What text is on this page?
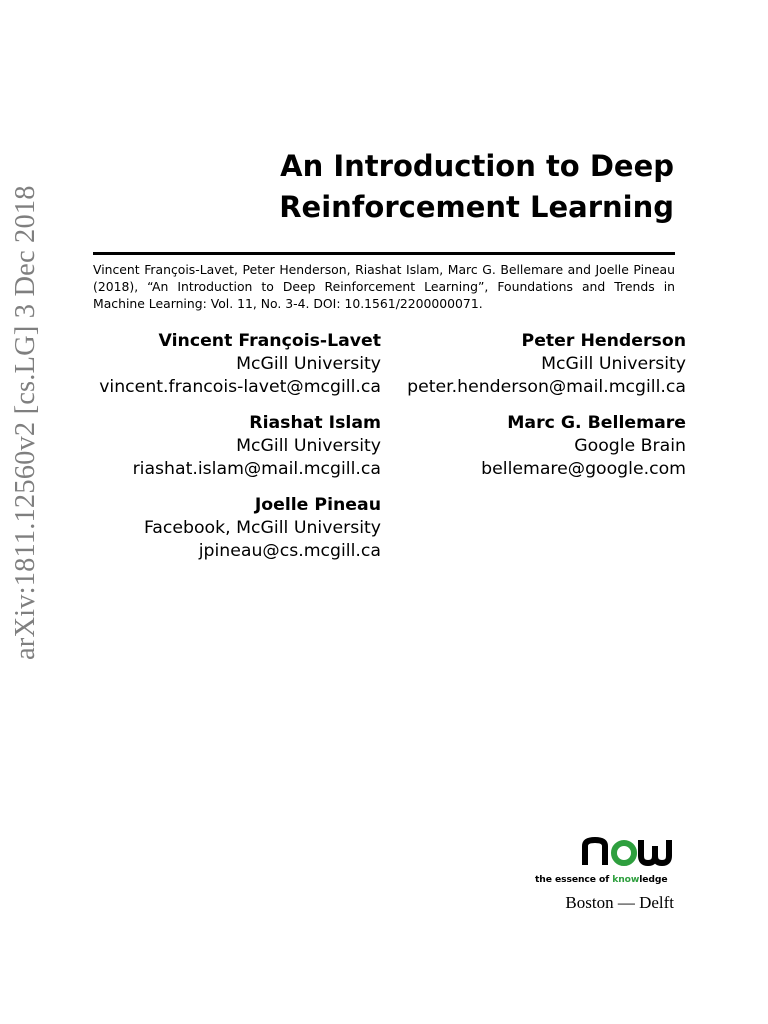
arXiv:1811.12560v2 [cs.LG] 3 Dec 2018
An Introduction to Deep
Reinforcement Learning

Vincent François-Lavet, Peter Henderson, Riashat Islam, Marc G. Bellemare and Joelle Pineau (2018), “An Introduction to Deep Reinforcement Learning”, Foundations and Trends in Machine Learning: Vol. 11, No. 3-4. DOI: 10.1561/2200000071.

Vincent François-Lavet
McGill University
vincent.francois-lavet@mcgill.ca
Peter Henderson
McGill University
peter.henderson@mail.mcgill.ca
Riashat Islam
McGill University
riashat.islam@mail.mcgill.ca
Marc G. Bellemare
Google Brain
bellemare@google.com
Joelle Pineau
Facebook, McGill University
jpineau@cs.mcgill.ca
the essence of knowledge
Boston — Delft
